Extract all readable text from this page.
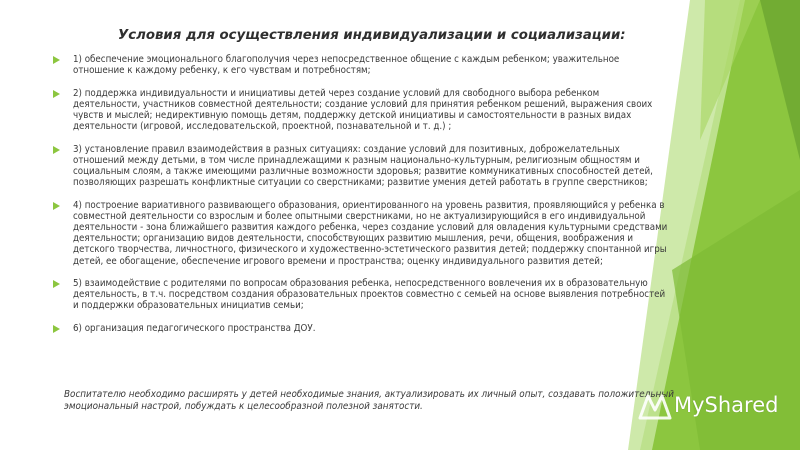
Условия для осуществления индивидуализации и социализации:
1) обеспечение эмоционального благополучия через непосредственное общение с каждым ребенком; уважительное отношение к каждому ребенку, к его чувствам и потребностям;
2) поддержка индивидуальности и инициативы детей через создание условий для свободного выбора ребенком деятельности, участников совместной деятельности; создание условий для принятия ребенком решений, выражения своих чувств и мыслей; недирективную помощь детям, поддержку детской инициативы и самостоятельности в разных видах деятельности (игровой, исследовательской, проектной, познавательной и т. д.) ;
3) установление правил взаимодействия в разных ситуациях: создание условий для позитивных, доброжелательных отношений между детьми, в том числе принадлежащими к разным национально-культурным, религиозным общностям и социальным слоям, а также имеющими различные возможности здоровья; развитие коммуникативных способностей детей, позволяющих разрешать конфликтные ситуации со сверстниками; развитие умения детей работать в группе сверстников;
4) построение вариативного развивающего образования, ориентированного на уровень развития, проявляющийся у ребенка в совместной деятельности со взрослым и более опытными сверстниками, но не актуализирующийся в его индивидуальной деятельности - зона ближайшего развития каждого ребенка, через создание условий для овладения культурными средствами деятельности; организацию видов деятельности, способствующих развитию мышления, речи, общения, воображения и детского творчества, личностного, физического и художественно-эстетического развития детей; поддержку спонтанной игры детей, ее обогащение, обеспечение игрового времени и пространства; оценку индивидуального развития детей;
5) взаимодействие с родителями по вопросам образования ребенка, непосредственного вовлечения их в образовательную деятельность, в т.ч. посредством создания образовательных проектов совместно с семьей на основе выявления потребностей и поддержки образовательных инициатив семьи;
6) организация педагогического пространства ДОУ.

Воспитателю необходимо расширять у детей необходимые знания, актуализировать их личный опыт, создавать положительный эмоциональный настрой, побуждать к целесообразной полезной занятости.	MyShared
